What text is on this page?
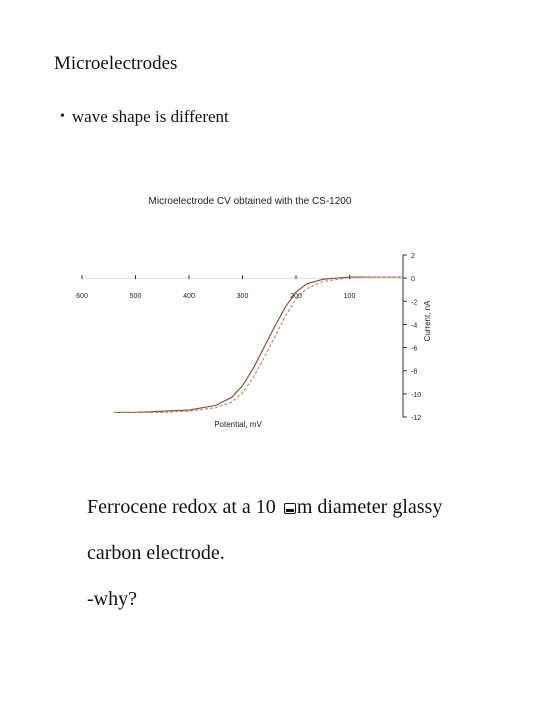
Microelectrodes
• wave shape is different
Microelectrode CV obtained with the CS-1200
600	500	400	300	200	100
2
0
-2
-4
-6
-8
-10
-12
Potential, mV
Current, nA
Ferrocene redox at a 10 m diameter glassy
carbon electrode.
-why?
